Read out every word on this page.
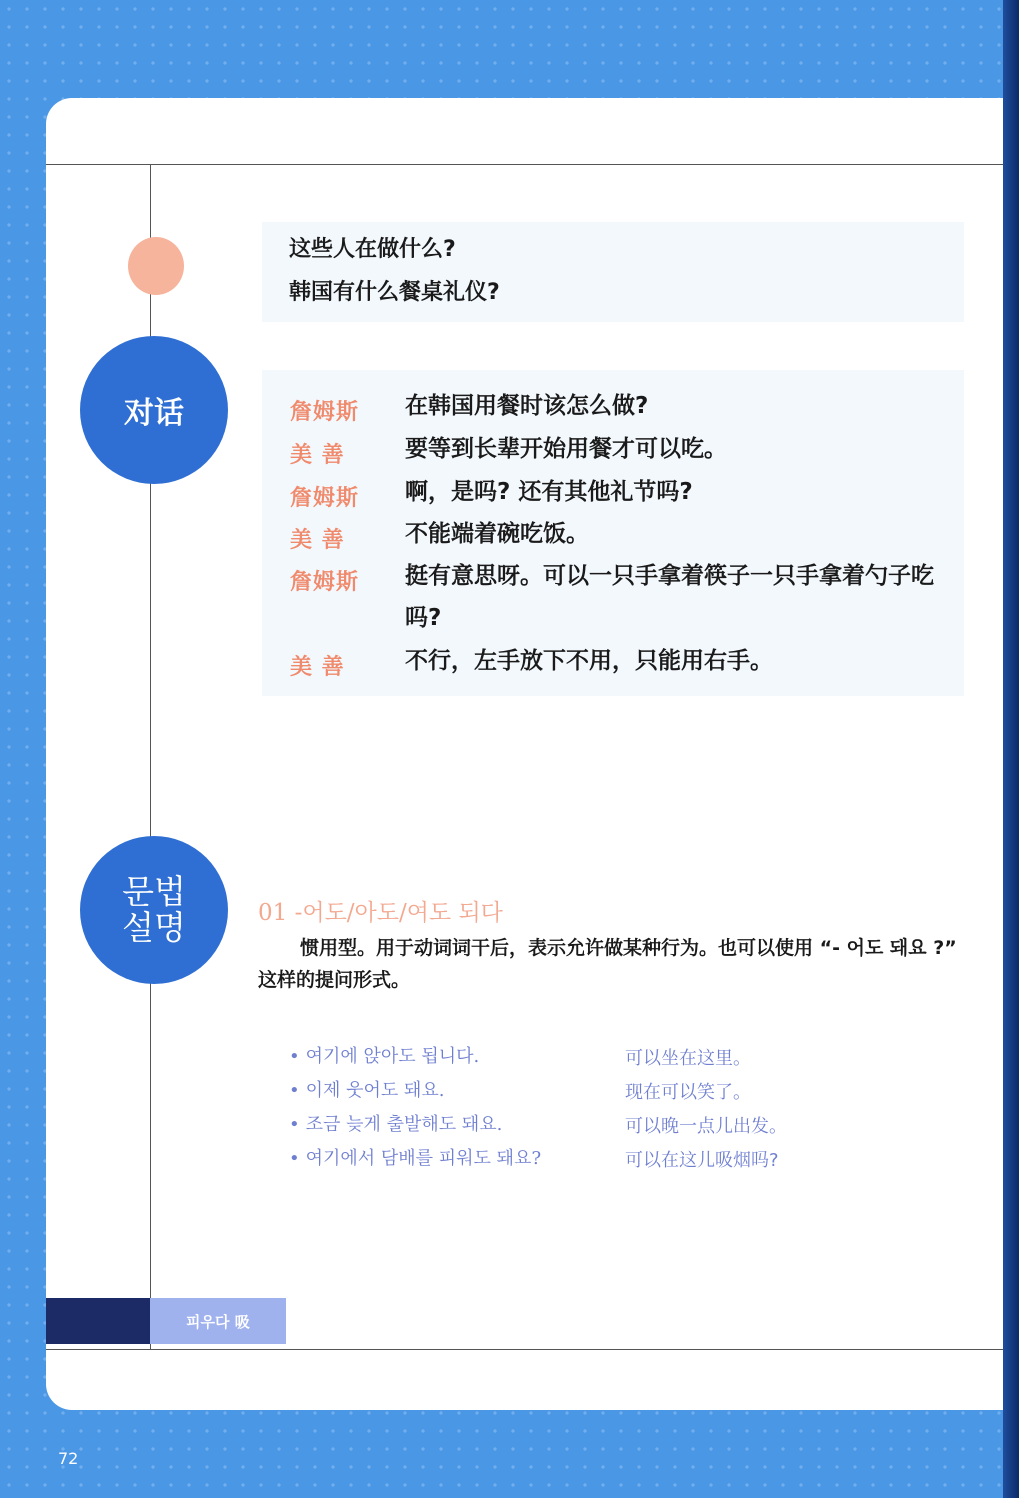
这些人在做什么?
韩国有什么餐桌礼仪?
对话	詹姆斯 在韩国用餐时该怎么做?
美 善	要等到长辈开始用餐才可以吃。
詹姆斯 啊，是吗? 还有其他礼节吗?
美 善	不能端着碗吃饭。
詹姆斯 挺有意思呀。可以一只手拿着筷子一只手拿着勺子吃吗?
美 善	不行，左手放下不用，只能用右手。
문법
설명	01 -어도/아도/여도 되다
惯用型。用于动词词干后，表示允许做某种行为。也可以使用 “- 어도 돼요 ?” 这样的提问形式。
• 여기에 앉아도 됩니다.	可以坐在这里。
• 이제 웃어도 돼요.	现在可以笑了。
• 조금 늦게 출발해도 돼요.	可以晚一点儿出发。
• 여기에서 담배를 피워도 돼요?	可以在这儿吸烟吗?
피우다 吸
72
